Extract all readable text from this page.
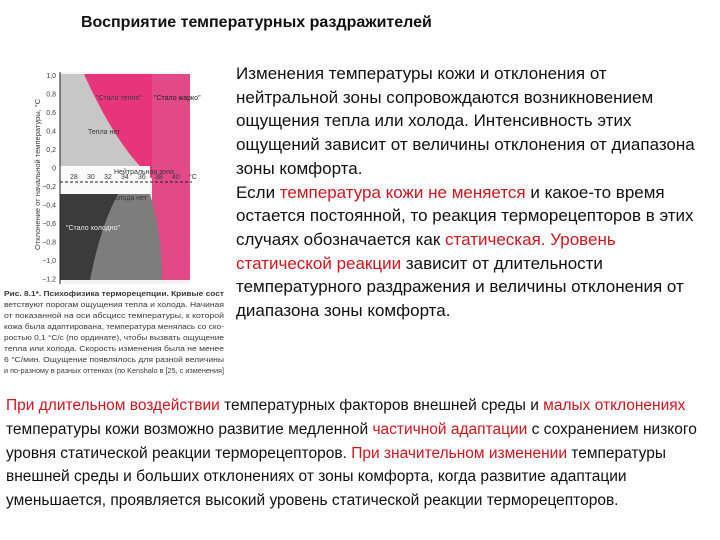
Восприятие температурных раздражителей
1,0
0,8
0,6
0,4
0,2
0
−0,2
−0,4
−0,6
−0,8
−1,0
−1,2
28 30 32 34 36 38 40 °C
Отклонение от начальной температуры, °C
"Стало тепло" "Стало жарко"
Тепла нет
Нейтральная зона
Холода нет
"Стало холодно"
Рис. 8.1*. Психофизика терморецепции. Кривые сост
ветствуют порогам ощущения тепла и холода. Начиная
от показанной на оси абсцисс температуры, к которой
кожа была адаптирована, температура менялась со ско-
ростью 0,1 °С/с (по ординате), чтобы вызвать ощущение
тепла или холода. Скорость изменения была не менее
6 °С/мин. Ощущение появлялось для разной величины
и по-разному в разных оттенках (по Kenshalo в [25, с изменения]

Изменения температуры кожи и отклонения от нейтральной зоны сопровождаются возникновением ощущения тепла или холода. Интенсивность этих ощущений зависит от величины отклонения от диапазона зоны комфорта.

Если температура кожи не меняется и какое-то время остается постоянной, то реакция терморецепторов в этих случаях обозначается как статическая. Уровень статической реакции зависит от длительности температурного раздражения и величины отклонения от диапазона зоны комфорта.

При длительном воздействии температурных факторов внешней среды и малых отклонениях температуры кожи возможно развитие медленной частичной адаптации с сохранением низкого уровня статической реакции терморецепторов. При значительном изменении температуры внешней среды и больших отклонениях от зоны комфорта, когда развитие адаптации уменьшается, проявляется высокий уровень статической реакции терморецепторов.
